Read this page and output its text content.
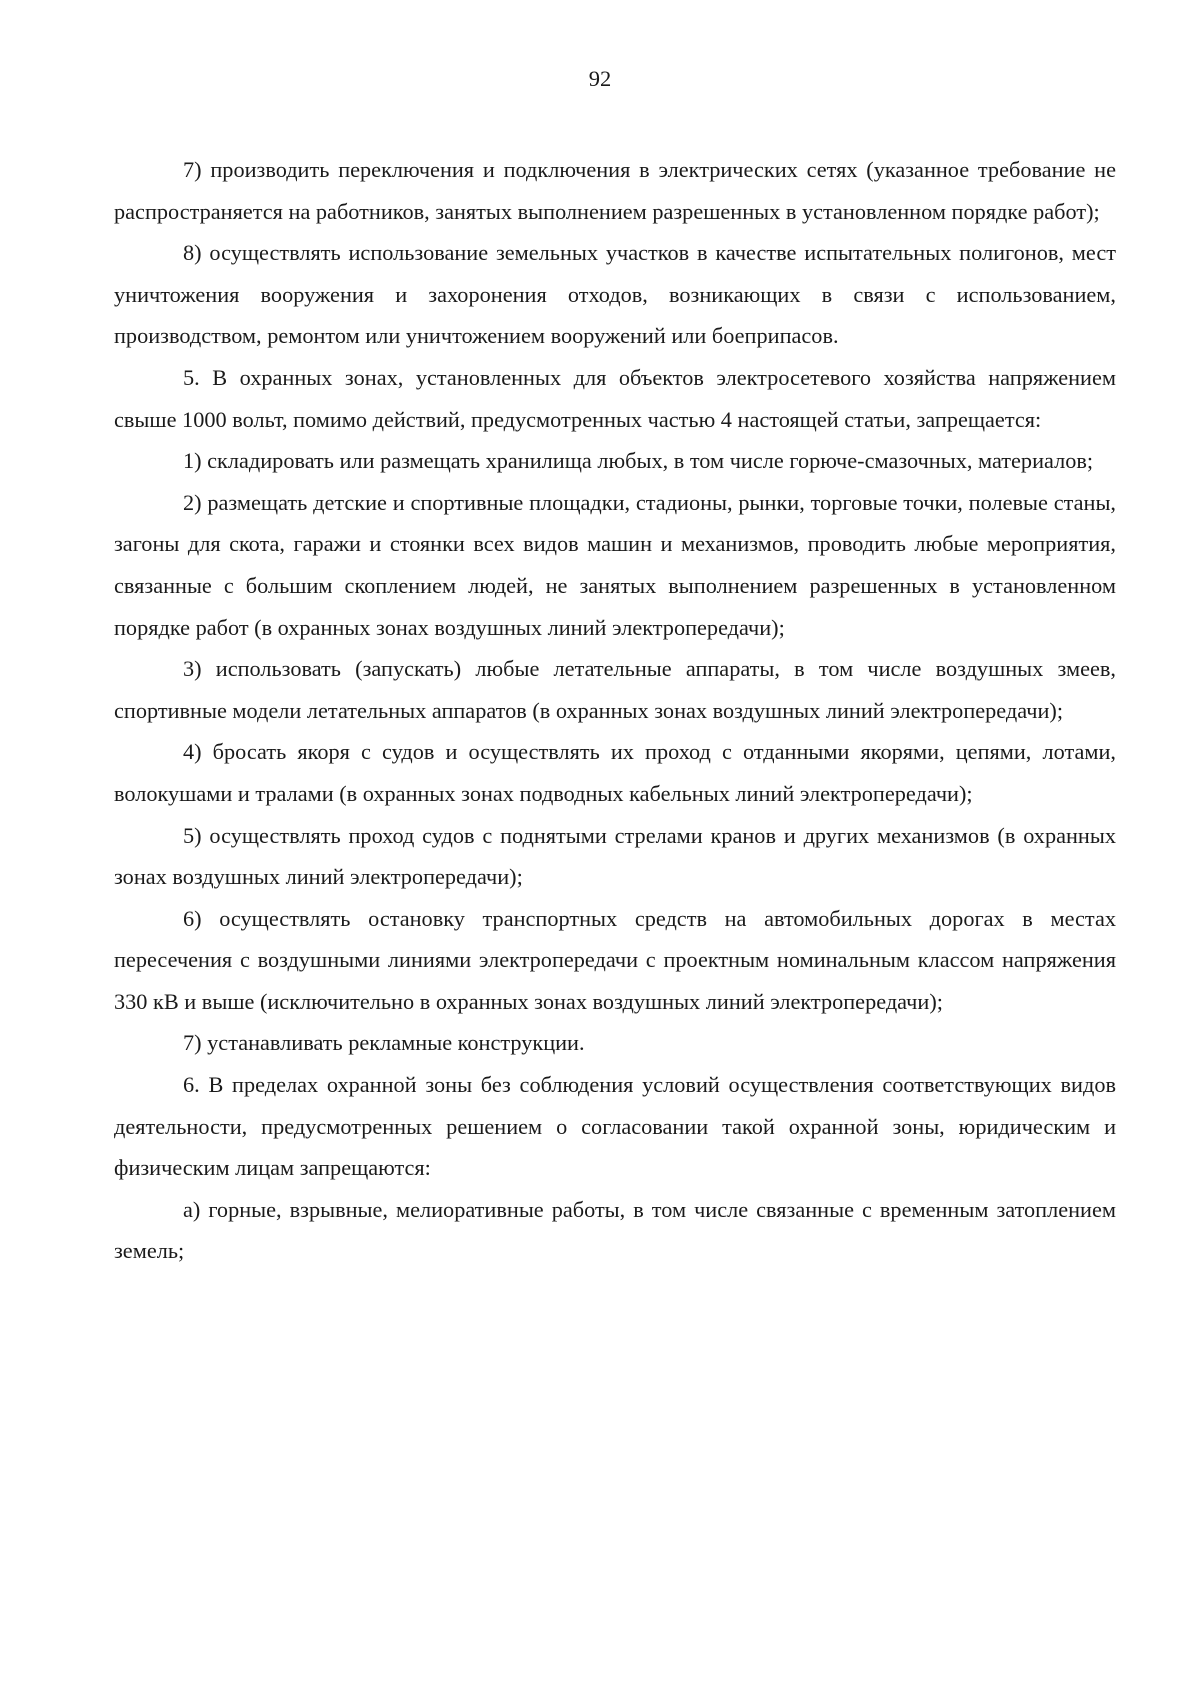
92

7) производить переключения и подключения в электрических сетях (указанное требование не распространяется на работников, занятых выполнением разрешенных в установленном порядке работ);

8) осуществлять использование земельных участков в качестве испытательных полигонов, мест уничтожения вооружения и захоронения отходов, возникающих в связи с использованием, производством, ремонтом или уничтожением вооружений или боеприпасов.

5. В охранных зонах, установленных для объектов электросетевого хозяйства напряжением свыше 1000 вольт, помимо действий, предусмотренных частью 4 настоящей статьи, запрещается:

1) складировать или размещать хранилища любых, в том числе горюче-смазочных, материалов;

2) размещать детские и спортивные площадки, стадионы, рынки, торговые точки, полевые станы, загоны для скота, гаражи и стоянки всех видов машин и механизмов, проводить любые мероприятия, связанные с большим скоплением людей, не занятых выполнением разрешенных в установленном порядке работ (в охранных зонах воздушных линий электропередачи);

3) использовать (запускать) любые летательные аппараты, в том числе воздушных змеев, спортивные модели летательных аппаратов (в охранных зонах воздушных линий электропередачи);

4) бросать якоря с судов и осуществлять их проход с отданными якорями, цепями, лотами, волокушами и тралами (в охранных зонах подводных кабельных линий электропередачи);

5) осуществлять проход судов с поднятыми стрелами кранов и других механизмов (в охранных зонах воздушных линий электропередачи);

6) осуществлять остановку транспортных средств на автомобильных дорогах в местах пересечения с воздушными линиями электропередачи с проектным номинальным классом напряжения 330 кВ и выше (исключительно в охранных зонах воздушных линий электропередачи);

7) устанавливать рекламные конструкции.

6. В пределах охранной зоны без соблюдения условий осуществления соответствующих видов деятельности, предусмотренных решением о согласовании такой охранной зоны, юридическим и физическим лицам запрещаются:

а) горные, взрывные, мелиоративные работы, в том числе связанные с временным затоплением земель;
